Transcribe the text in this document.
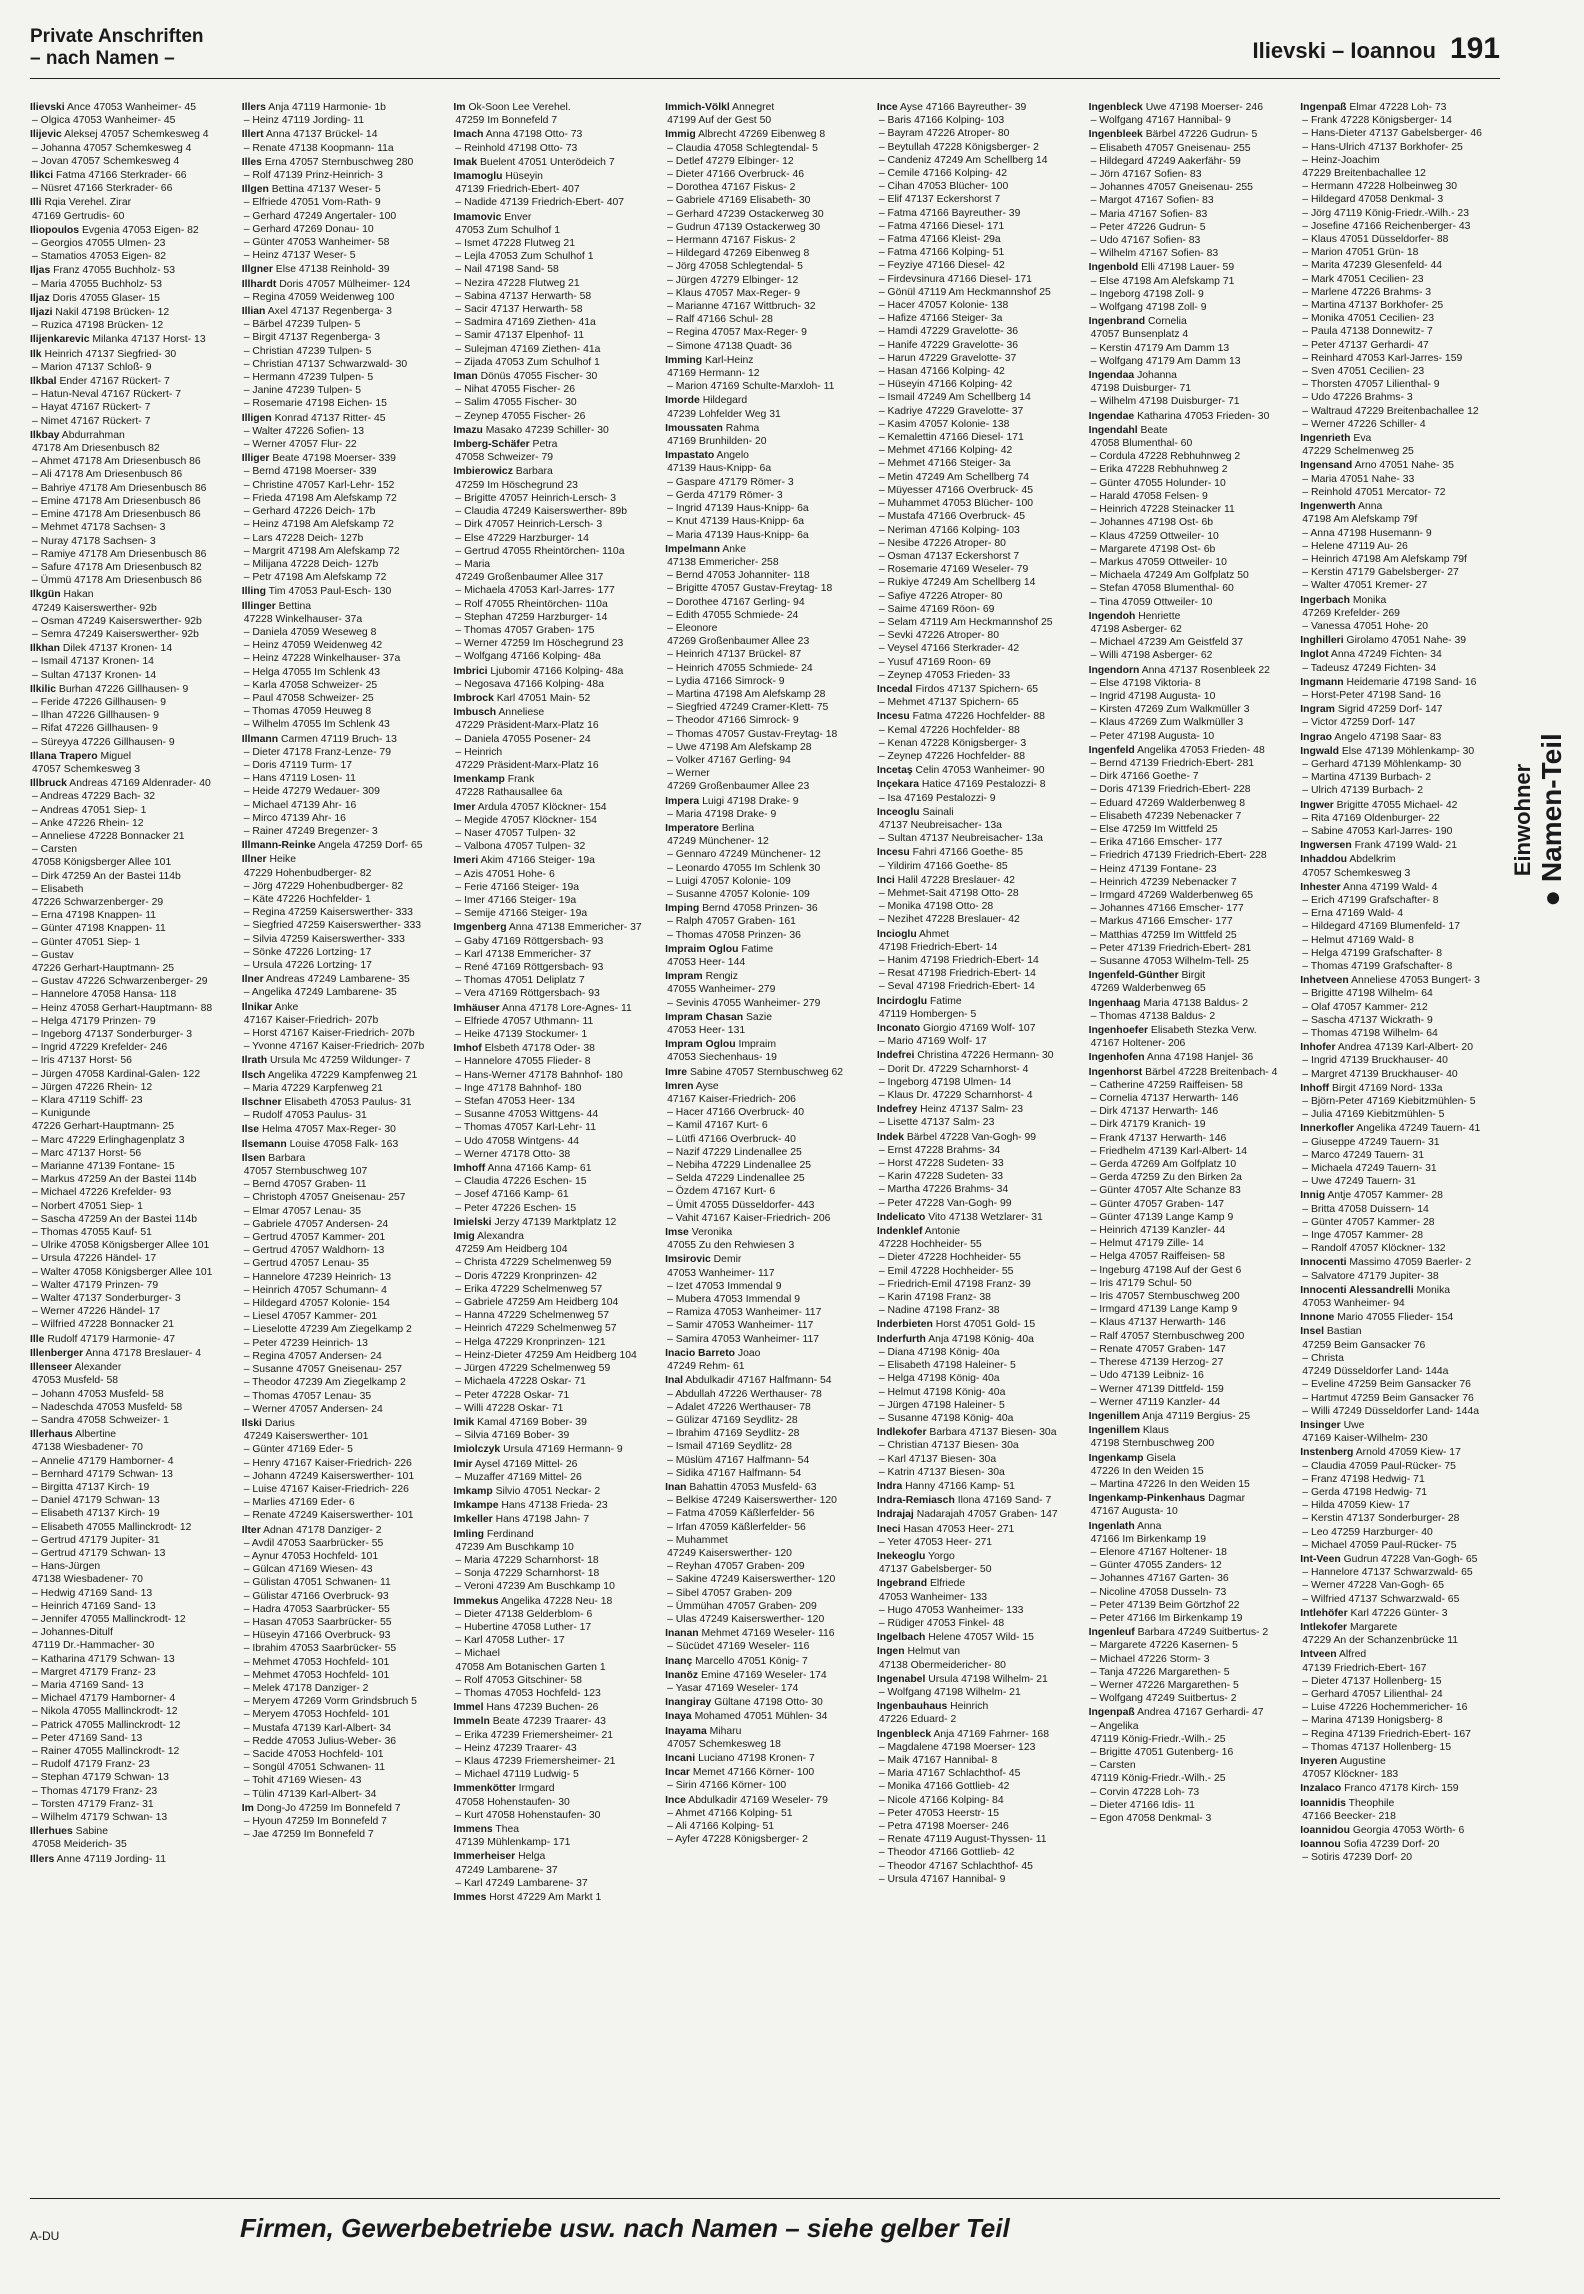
Private Anschriften
– nach Namen –	Ilievski – Ioannou 191
Ilievski Ance 47053 Wanheimer- 45
– Olgica 47053 Wanheimer- 45
Ilijevic Aleksej 47057 Schemkesweg 4
– Johanna 47057 Schemkesweg 4
– Jovan 47057 Schemkesweg 4
Ilikci Fatma 47166 Sterkrader- 66
– Nüsret 47166 Sterkrader- 66
Illi Rqia Verehel. Zirar
47169 Gertrudis- 60
Iliopoulos Evgenia 47053 Eigen- 82
– Georgios 47055 Ulmen- 23
– Stamatios 47053 Eigen- 82
Iljas Franz 47055 Buchholz- 53
– Maria 47055 Buchholz- 53
Iljaz Doris 47055 Glaser- 15
Iljazi Nakil 47198 Brücken- 12
– Ruzica 47198 Brücken- 12
Ilijenkarevic Milanka 47137 Horst- 13
Ilk Heinrich 47137 Siegfried- 30
– Marion 47137 Schloß- 9
Ilkbal Ender 47167 Rückert- 7
– Hatun-Neval 47167 Rückert- 7
– Hayat 47167 Rückert- 7
– Nimet 47167 Rückert- 7
Ilkbay Abdurrahman
47178 Am Driesenbusch 82
– Ahmet 47178 Am Driesenbusch 86
– Ali 47178 Am Driesenbusch 86
– Bahriye 47178 Am Driesenbusch 86
– Emine 47178 Am Driesenbusch 86
– Emine 47178 Am Driesenbusch 86
– Mehmet 47178 Sachsen- 3
– Nuray 47178 Sachsen- 3
– Ramiye 47178 Am Driesenbusch 86
– Safure 47178 Am Driesenbusch 82
– Ümmü 47178 Am Driesenbusch 86
Ilkgün Hakan
47249 Kaiserswerther- 92b
– Osman 47249 Kaiserswerther- 92b
– Semra 47249 Kaiserswerther- 92b
Ilkhan Dilek 47137 Kronen- 14
– Ismail 47137 Kronen- 14
– Sultan 47137 Kronen- 14
Ilkilic Burhan 47226 Gillhausen- 9
– Feride 47226 Gillhausen- 9
– Ilhan 47226 Gillhausen- 9
– Rifat 47226 Gillhausen- 9
– Süreyya 47226 Gillhausen- 9
Illana Trapero Miguel
47057 Schemkesweg 3
Illbruck Andreas 47169 Aldenrader- 40
– Andreas 47229 Bach- 32
– Andreas 47051 Siep- 1
– Anke 47226 Rhein- 12
– Anneliese 47228 Bonnacker 21
– Carsten
47058 Königsberger Allee 101
– Dirk 47259 An der Bastei 114b
– Elisabeth
47226 Schwarzenberger- 29
– Erna 47198 Knappen- 11
– Günter 47198 Knappen- 11
– Günter 47051 Siep- 1
– Gustav
47226 Gerhart-Hauptmann- 25
– Gustav 47226 Schwarzenberger- 29
– Hannelore 47058 Hansa- 118
– Heinz 47058 Gerhart-Hauptmann- 88
– Helga 47179 Prinzen- 79
– Ingeborg 47137 Sonderburger- 3
– Ingrid 47229 Krefelder- 246
– Iris 47137 Horst- 56
– Jürgen 47058 Kardinal-Galen- 122
– Jürgen 47226 Rhein- 12
– Klara 47119 Schiff- 23
– Kunigunde
47226 Gerhart-Hauptmann- 25
– Marc 47229 Erlinghagenplatz 3
– Marc 47137 Horst- 56
– Marianne 47139 Fontane- 15
– Markus 47259 An der Bastei 114b
– Michael 47226 Krefelder- 93
– Norbert 47051 Siep- 1
– Sascha 47259 An der Bastei 114b
– Thomas 47055 Kauf- 51
– Ulrike 47058 Königsberger Allee 101
– Ursula 47226 Händel- 17
– Walter 47058 Königsberger Allee 101
– Walter 47179 Prinzen- 79
– Walter 47137 Sonderburger- 3
– Werner 47226 Händel- 17
– Wilfried 47228 Bonnacker 21
Ille Rudolf 47179 Harmonie- 47
Illenberger Anna 47178 Breslauer- 4
Illenseer Alexander
47053 Musfeld- 58
– Johann 47053 Musfeld- 58
– Nadeschda 47053 Musfeld- 58
– Sandra 47058 Schweizer- 1
Illerhaus Albertine
47138 Wiesbadener- 70
– Annelie 47179 Hamborner- 4
– Bernhard 47179 Schwan- 13
– Birgitta 47137 Kirch- 19
– Daniel 47179 Schwan- 13
– Elisabeth 47137 Kirch- 19
– Elisabeth 47055 Mallinckrodt- 12
– Gertrud 47179 Jupiter- 31
– Gertrud 47179 Schwan- 13
– Hans-Jürgen
47138 Wiesbadener- 70
– Hedwig 47169 Sand- 13
– Heinrich 47169 Sand- 13
– Jennifer 47055 Mallinckrodt- 12
– Johannes-Ditulf
47119 Dr.-Hammacher- 30
– Katharina 47179 Schwan- 13
– Margret 47179 Franz- 23
– Maria 47169 Sand- 13
– Michael 47179 Hamborner- 4
– Nikola 47055 Mallinckrodt- 12
– Patrick 47055 Mallinckrodt- 12
– Peter 47169 Sand- 13
– Rainer 47055 Mallinckrodt- 12
– Rudolf 47179 Franz- 23
– Stephan 47179 Schwan- 13
– Thomas 47179 Franz- 23
– Torsten 47179 Franz- 31
– Wilhelm 47179 Schwan- 13
Illerhues Sabine
47058 Meiderich- 35
Illers Anne 47119 Jording- 11
Illers Anja 47119 Harmonie- 1b
– Heinz 47119 Jording- 11
Illert Anna 47137 Brückel- 14
– Renate 47138 Koopmann- 11a
Illes Erna 47057 Sternbuschweg 280
– Rolf 47139 Prinz-Heinrich- 3
Illgen Bettina 47137 Weser- 5
– Elfriede 47051 Vom-Rath- 9
– Gerhard 47249 Angertaler- 100
– Gerhard 47269 Donau- 10
– Günter 47053 Wanheimer- 58
– Heinz 47137 Weser- 5
Illgner Else 47138 Reinhold- 39
Illhardt Doris 47057 Mülheimer- 124
– Regina 47059 Weidenweg 100
Illian Axel 47137 Regenberga- 3
– Bärbel 47239 Tulpen- 5
– Birgit 47137 Regenberga- 3
– Christian 47239 Tulpen- 5
– Christian 47137 Schwarzwald- 30
– Hermann 47239 Tulpen- 5
– Janine 47239 Tulpen- 5
– Rosemarie 47198 Eichen- 15
Illigen Konrad 47137 Ritter- 45
– Walter 47226 Sofien- 13
– Werner 47057 Flur- 22
Illiger Beate 47198 Moerser- 339
– Bernd 47198 Moerser- 339
– Christine 47057 Karl-Lehr- 152
– Frieda 47198 Am Alefskamp 72
– Gerhard 47226 Deich- 17b
– Heinz 47198 Am Alefskamp 72
– Lars 47228 Deich- 127b
– Margrit 47198 Am Alefskamp 72
– Milijana 47228 Deich- 127b
– Petr 47198 Am Alefskamp 72
Illing Tim 47053 Paul-Esch- 130
Illinger Bettina
47228 Winkelhauser- 37a
– Daniela 47059 Weseweg 8
– Heinz 47059 Weidenweg 42
– Heinz 47228 Winkelhauser- 37a
– Helga 47055 Im Schlenk 43
– Karla 47058 Schweizer- 25
– Paul 47058 Schweizer- 25
– Thomas 47059 Heuweg 8
– Wilhelm 47055 Im Schlenk 43
Illmann Carmen 47119 Bruch- 13
– Dieter 47178 Franz-Lenze- 79
– Doris 47119 Turm- 17
– Hans 47119 Losen- 11
– Heide 47279 Wedauer- 309
– Michael 47139 Ahr- 16
– Mirco 47139 Ahr- 16
– Rainer 47249 Bregenzer- 3
Illmann-Reinke Angela 47259 Dorf- 65
Illner Heike
47229 Hohenbudberger- 82
– Jörg 47229 Hohenbudberger- 82
– Käte 47226 Hochfelder- 1
– Regina 47259 Kaiserswerther- 333
– Siegfried 47259 Kaiserswerther- 333
– Silvia 47259 Kaiserswerther- 333
– Sönke 47226 Lortzing- 17
– Ursula 47226 Lortzing- 17
Ilner Andreas 47249 Lambarene- 35
– Angelika 47249 Lambarene- 35
Ilnikar Anke
47167 Kaiser-Friedrich- 207b
– Horst 47167 Kaiser-Friedrich- 207b
– Yvonne 47167 Kaiser-Friedrich- 207b
Ilrath Ursula Mc 47259 Wildunger- 7
Ilsch Angelika 47229 Kampfenweg 21
– Maria 47229 Karpfenweg 21
Ilschner Elisabeth 47053 Paulus- 31
– Rudolf 47053 Paulus- 31
Ilse Helma 47057 Max-Reger- 30
Ilsemann Louise 47058 Falk- 163
Ilsen Barbara
47057 Sternbuschweg 107
– Bernd 47057 Graben- 11
– Christoph 47057 Gneisenau- 257
– Elmar 47057 Lenau- 35
– Gabriele 47057 Andersen- 24
– Gertrud 47057 Kammer- 201
– Gertrud 47057 Waldhorn- 13
– Gertrud 47057 Lenau- 35
– Hannelore 47239 Heinrich- 13
– Heinrich 47057 Schumann- 4
– Hildegard 47057 Kolonie- 154
– Liesel 47057 Kammer- 201
– Lieselotte 47239 Am Ziegelkamp 2
– Peter 47239 Heinrich- 13
– Regina 47057 Andersen- 24
– Susanne 47057 Gneisenau- 257
– Theodor 47239 Am Ziegelkamp 2
– Thomas 47057 Lenau- 35
– Werner 47057 Andersen- 24
Ilski Darius
47249 Kaiserswerther- 101
– Günter 47169 Eder- 5
– Henry 47167 Kaiser-Friedrich- 226
– Johann 47249 Kaiserswerther- 101
– Luise 47167 Kaiser-Friedrich- 226
– Marlies 47169 Eder- 6
– Renate 47249 Kaiserswerther- 101
Ilter Adnan 47178 Danziger- 2
– Avdil 47053 Saarbrücker- 55
– Aynur 47053 Hochfeld- 101
– Gülcan 47169 Wiesen- 43
– Gülistan 47051 Schwanen- 11
– Gülistar 47166 Overbruck- 93
– Hadra 47053 Saarbrücker- 55
– Hasan 47053 Saarbrücker- 55
– Hüseyin 47166 Overbruck- 93
– Ibrahim 47053 Saarbrücker- 55
– Mehmet 47053 Hochfeld- 101
– Mehmet 47053 Hochfeld- 101
– Melek 47178 Danziger- 2
– Meryem 47269 Vorm Grindsbruch 5
– Meryem 47053 Hochfeld- 101
– Mustafa 47139 Karl-Albert- 34
– Redde 47053 Julius-Weber- 36
– Sacide 47053 Hochfeld- 101
– Songül 47051 Schwanen- 11
– Tohit 47169 Wiesen- 43
– Tülin 47139 Karl-Albert- 34
Im Dong-Jo 47259 Im Bonnefeld 7
– Hyoun 47259 Im Bonnefeld 7
– Jae 47259 Im Bonnefeld 7
Im Ok-Soon Lee Verehel.
47259 Im Bonnefeld 7
Imach Anna 47198 Otto- 73
– Reinhold 47198 Otto- 73
Imak Buelent 47051 Unterödeich 7
Imamoglu Hüseyin
47139 Friedrich-Ebert- 407
– Nadide 47139 Friedrich-Ebert- 407
Imamovic Enver
47053 Zum Schulhof 1
– Ismet 47228 Flutweg 21
– Lejla 47053 Zum Schulhof 1
– Nail 47198 Sand- 58
– Nezira 47228 Flutweg 21
– Sabina 47137 Herwarth- 58
– Sacir 47137 Herwarth- 58
– Sadmira 47169 Ziethen- 41a
– Samir 47137 Elpenhof- 11
– Sulejman 47169 Ziethen- 41a
– Zijada 47053 Zum Schulhof 1
Iman Dönüs 47055 Fischer- 30
– Nihat 47055 Fischer- 26
– Salim 47055 Fischer- 30
– Zeynep 47055 Fischer- 26
Imazu Masako 47239 Schiller- 30
Imberg-Schäfer Petra
47058 Schweizer- 79
Imbierowicz Barbara
47259 Im Höschegrund 23
– Brigitte 47057 Heinrich-Lersch- 3
– Claudia 47249 Kaiserswerther- 89b
– Dirk 47057 Heinrich-Lersch- 3
– Else 47229 Harzburger- 14
– Gertrud 47055 Rheintörchen- 110a
– Maria
47249 Großenbaumer Allee 317
– Michaela 47053 Karl-Jarres- 177
– Rolf 47055 Rheintörchen- 110a
– Stephan 47259 Harzburger- 14
– Thomas 47057 Graben- 175
– Werner 47259 Im Höschegrund 23
– Wolfgang 47166 Kolping- 48a
Imbrici Ljubomir 47166 Kolping- 48a
– Negosava 47166 Kolping- 48a
Imbrock Karl 47051 Main- 52
Imbusch Anneliese
47229 Präsident-Marx-Platz 16
– Daniela 47055 Posener- 24
– Heinrich
47229 Präsident-Marx-Platz 16
Imenkamp Frank
47228 Rathausallee 6a
Imer Ardula 47057 Klöckner- 154
– Megide 47057 Klöckner- 154
– Naser 47057 Tulpen- 32
– Valbona 47057 Tulpen- 32
Imeri Akim 47166 Steiger- 19a
– Azis 47051 Hohe- 6
– Ferie 47166 Steiger- 19a
– Imer 47166 Steiger- 19a
– Semije 47166 Steiger- 19a
Imgenberg Anna 47138 Emmericher- 37
– Gaby 47169 Röttgersbach- 93
– Karl 47138 Emmericher- 37
– René 47169 Röttgersbach- 93
– Thomas 47051 Deliplatz 7
– Vera 47169 Röttgersbach- 93
Imhäuser Anna 47178 Lore-Agnes- 11
– Elfriede 47057 Uthmann- 11
– Heike 47139 Stockumer- 1
Imhof Elsbeth 47178 Oder- 38
– Hannelore 47055 Flieder- 8
– Hans-Werner 47178 Bahnhof- 180
– Inge 47178 Bahnhof- 180
– Stefan 47053 Heer- 134
– Susanne 47053 Wittgens- 44
– Thomas 47057 Karl-Lehr- 11
– Udo 47058 Wintgens- 44
– Werner 47178 Otto- 38
Imhoff Anna 47166 Kamp- 61
– Claudia 47226 Eschen- 15
– Josef 47166 Kamp- 61
– Peter 47226 Eschen- 15
Imielski Jerzy 47139 Marktplatz 12
Imig Alexandra
47259 Am Heidberg 104
– Christa 47229 Schelmenweg 59
– Doris 47229 Kronprinzen- 42
– Erika 47229 Schelmenweg 57
– Gabriele 47259 Am Heidberg 104
– Hanna 47229 Schelmenweg 57
– Heinrich 47229 Schelmenweg 57
– Helga 47229 Kronprinzen- 121
– Heinz-Dieter 47259 Am Heidberg 104
– Jürgen 47229 Schelmenweg 59
– Michaela 47228 Oskar- 71
– Peter 47228 Oskar- 71
– Willi 47228 Oskar- 71
Imik Kamal 47169 Bober- 39
– Silvia 47169 Bober- 39
Imiolczyk Ursula 47169 Hermann- 9
Imir Aysel 47169 Mittel- 26
– Muzaffer 47169 Mittel- 26
Imkamp Silvio 47051 Neckar- 2
Imkampe Hans 47138 Frieda- 23
Imkeller Hans 47198 Jahn- 7
Imling Ferdinand
47239 Am Buschkamp 10
– Maria 47229 Scharnhorst- 18
– Sonja 47229 Scharnhorst- 18
– Veroni 47239 Am Buschkamp 10
Immekus Angelika 47228 Neu- 18
– Dieter 47138 Gelderblom- 6
– Hubertine 47058 Luther- 17
– Karl 47058 Luther- 17
– Michael
47058 Am Botanischen Garten 1
– Rolf 47053 Gitschiner- 58
– Thomas 47053 Hochfeld- 123
Immel Hans 47239 Buchen- 26
Immeln Beate 47239 Traarer- 43
– Erika 47239 Friemersheimer- 21
– Heinz 47239 Traarer- 43
– Klaus 47239 Friemersheimer- 21
– Michael 47119 Ludwig- 5
Immenkötter Irmgard
47058 Hohenstaufen- 30
– Kurt 47058 Hohenstaufen- 30
Immens Thea
47139 Mühlenkamp- 171
Immerheiser Helga
47249 Lambarene- 37
– Karl 47249 Lambarene- 37
Immes Horst 47229 Am Markt 1
Immich-Völkl Annegret
47199 Auf der Gest 50
Immig Albrecht 47269 Eibenweg 8
– Claudia 47058 Schlegtendal- 5
– Detlef 47279 Elbinger- 12
– Dieter 47166 Overbruck- 46
– Dorothea 47167 Fiskus- 2
– Gabriele 47169 Elisabeth- 30
– Gerhard 47239 Ostackerweg 30
– Gudrun 47139 Ostackerweg 30
– Hermann 47167 Fiskus- 2
– Hildegard 47269 Eibenweg 8
– Jörg 47058 Schlegtendal- 5
– Jürgen 47279 Elbinger- 12
– Klaus 47057 Max-Reger- 9
– Marianne 47167 Wittbruch- 32
– Ralf 47166 Schul- 28
– Regina 47057 Max-Reger- 9
– Simone 47138 Quadt- 36
Imming Karl-Heinz
47169 Hermann- 12
– Marion 47169 Schulte-Marxloh- 11
Imorde Hildegard
47239 Lohfelder Weg 31
Imoussaten Rahma
47169 Brunhilden- 20
Impastato Angelo
47139 Haus-Knipp- 6a
– Gaspare 47179 Römer- 3
– Gerda 47179 Römer- 3
– Ingrid 47139 Haus-Knipp- 6a
– Knut 47139 Haus-Knipp- 6a
– Maria 47139 Haus-Knipp- 6a
Impelmann Anke
47138 Emmericher- 258
– Bernd 47053 Johanniter- 118
– Brigitte 47057 Gustav-Freytag- 18
– Dorothee 47167 Gerling- 94
– Edith 47055 Schmiede- 24
– Eleonore
47269 Großenbaumer Allee 23
– Heinrich 47137 Brückel- 87
– Heinrich 47055 Schmiede- 24
– Lydia 47166 Simrock- 9
– Martina 47198 Am Alefskamp 28
– Siegfried 47249 Cramer-Klett- 75
– Theodor 47166 Simrock- 9
– Thomas 47057 Gustav-Freytag- 18
– Uwe 47198 Am Alefskamp 28
– Volker 47167 Gerling- 94
– Werner
47269 Großenbaumer Allee 23
Impera Luigi 47198 Drake- 9
– Maria 47198 Drake- 9
Imperatore Berlina
47249 Münchener- 12
– Gennaro 47249 Münchener- 12
– Leonardo 47055 Im Schlenk 30
– Luigi 47057 Kolonie- 109
– Susanne 47057 Kolonie- 109
Imping Bernd 47058 Prinzen- 36
– Ralph 47057 Graben- 161
– Thomas 47058 Prinzen- 36
Impraim Oglou Fatime
47053 Heer- 144
Impram Rengiz
47055 Wanheimer- 279
– Sevinis 47055 Wanheimer- 279
Impram Chasan Sazie
47053 Heer- 131
Impram Oglou Impraim
47053 Siechenhaus- 19
Imre Sabine 47057 Sternbuschweg 62
Imren Ayse
47167 Kaiser-Friedrich- 206
– Hacer 47166 Overbruck- 40
– Kamil 47167 Kurt- 6
– Lütfi 47166 Overbruck- 40
– Nazif 47229 Lindenallee 25
– Nebiha 47229 Lindenallee 25
– Selda 47229 Lindenallee 25
– Özdem 47167 Kurt- 6
– Ümit 47055 Düsseldorfer- 443
– Vahit 47167 Kaiser-Friedrich- 206
Imse Veronika
47055 Zu den Rehwiesen 3
Imsirovic Demir
47053 Wanheimer- 117
– Izet 47053 Immendal 9
– Mubera 47053 Immendal 9
– Ramiza 47053 Wanheimer- 117
– Samir 47053 Wanheimer- 117
– Samira 47053 Wanheimer- 117
Inacio Barreto Joao
47249 Rehm- 61
Inal Abdulkadir 47167 Halfmann- 54
– Abdullah 47226 Werthauser- 78
– Adalet 47226 Werthauser- 78
– Gülizar 47169 Seydlitz- 28
– Ibrahim 47169 Seydlitz- 28
– Ismail 47169 Seydlitz- 28
– Müslüm 47167 Halfmann- 54
– Sidika 47167 Halfmann- 54
Inan Bahattin 47053 Musfeld- 63
– Belkise 47249 Kaiserswerther- 120
– Fatma 47059 Käßlerfelder- 56
– Irfan 47059 Käßlerfelder- 56
– Muhammet
47249 Kaiserswerther- 120
– Reyhan 47057 Graben- 209
– Sakine 47249 Kaiserswerther- 120
– Sibel 47057 Graben- 209
– Ümmühan 47057 Graben- 209
– Ulas 47249 Kaiserswerther- 120
Inanan Mehmet 47169 Weseler- 116
– Sücüdet 47169 Weseler- 116
Inanç Marcello 47051 König- 7
Inanöz Emine 47169 Weseler- 174
– Yasar 47169 Weseler- 174
Inangiray Gültane 47198 Otto- 30
Inaya Mohamed 47051 Mühlen- 34
Inayama Miharu
47057 Schemkesweg 18
Incani Luciano 47198 Kronen- 7
Incar Memet 47166 Körner- 100
– Sirin 47166 Körner- 100
Ince Abdulkadir 47169 Weseler- 79
– Ahmet 47166 Kolping- 51
– Ali 47166 Kolping- 51
– Ayfer 47228 Königsberger- 2
Ince Ayse 47166 Bayreuther- 39
– Baris 47166 Kolping- 103
– Bayram 47226 Atroper- 80
– Beytullah 47228 Königsberger- 2
– Candeniz 47249 Am Schellberg 14
– Cemile 47166 Kolping- 42
– Cihan 47053 Blücher- 100
– Elif 47137 Eckershorst 7
– Fatma 47166 Bayreuther- 39
– Fatma 47166 Diesel- 171
– Fatma 47166 Kleist- 29a
– Fatma 47166 Kolping- 51
– Feyziye 47166 Diesel- 42
– Firdevsinura 47166 Diesel- 171
– Gönül 47119 Am Heckmannshof 25
– Hacer 47057 Kolonie- 138
– Hafize 47166 Steiger- 3a
– Hamdi 47229 Gravelotte- 36
– Hanife 47229 Gravelotte- 36
– Harun 47229 Gravelotte- 37
– Hasan 47166 Kolping- 42
– Hüseyin 47166 Kolping- 42
– Ismail 47249 Am Schellberg 14
– Kadriye 47229 Gravelotte- 37
– Kasim 47057 Kolonie- 138
– Kemalettin 47166 Diesel- 171
– Mehmet 47166 Kolping- 42
– Mehmet 47166 Steiger- 3a
– Metin 47249 Am Schellberg 74
– Müyesser 47166 Overbruck- 45
– Muhammet 47053 Blücher- 100
– Mustafa 47166 Overbruck- 45
– Neriman 47166 Kolping- 103
– Nesibe 47226 Atroper- 80
– Osman 47137 Eckershorst 7
– Rosemarie 47169 Weseler- 79
– Rukiye 47249 Am Schellberg 14
– Safiye 47226 Atroper- 80
– Saime 47169 Röon- 69
– Selam 47119 Am Heckmannshof 25
– Sevki 47226 Atroper- 80
– Veysel 47166 Sterkrader- 42
– Yusuf 47169 Roon- 69
– Zeynep 47053 Frieden- 33
Incedal Firdos 47137 Spichern- 65
– Mehmet 47137 Spichern- 65
Incesu Fatma 47226 Hochfelder- 88
– Kemal 47226 Hochfelder- 88
– Kenan 47228 Königsberger- 3
– Zeynep 47226 Hochfelder- 88
Incetaş Celin 47053 Wanheimer- 90
Inçekara Hatice 47169 Pestalozzi- 8
– Isa 47169 Pestalozzi- 9
Inceoglu Sainali
47137 Neubreisacher- 13a
– Sultan 47137 Neubreisacher- 13a
Incesu Fahri 47166 Goethe- 85
– Yildirim 47166 Goethe- 85
Inci Halil 47228 Breslauer- 42
– Mehmet-Sait 47198 Otto- 28
– Monika 47198 Otto- 28
– Nezihet 47228 Breslauer- 42
Incioglu Ahmet
47198 Friedrich-Ebert- 14
– Hanim 47198 Friedrich-Ebert- 14
– Resat 47198 Friedrich-Ebert- 14
– Seval 47198 Friedrich-Ebert- 14
Incirdoglu Fatime
47119 Hombergen- 5
Inconato Giorgio 47169 Wolf- 107
– Mario 47169 Wolf- 17
Indefrei Christina 47226 Hermann- 30
– Dorit Dr. 47229 Scharnhorst- 4
– Ingeborg 47198 Ulmen- 14
– Klaus Dr. 47229 Scharnhorst- 4
Indefrey Heinz 47137 Salm- 23
– Lisette 47137 Salm- 23
Indek Bärbel 47228 Van-Gogh- 99
– Ernst 47228 Brahms- 34
– Horst 47228 Sudeten- 33
– Karin 47228 Sudeten- 33
– Martha 47226 Brahms- 34
– Peter 47228 Van-Gogh- 99
Indelicato Vito 47138 Wetzlarer- 31
Indenklef Antonie
47228 Hochheider- 55
– Dieter 47228 Hochheider- 55
– Emil 47228 Hochheider- 55
– Friedrich-Emil 47198 Franz- 39
– Karin 47198 Franz- 38
– Nadine 47198 Franz- 38
Inderbieten Horst 47051 Gold- 15
Inderfurth Anja 47198 König- 40a
– Diana 47198 König- 40a
– Elisabeth 47198 Haleiner- 5
– Helga 47198 König- 40a
– Helmut 47198 König- 40a
– Jürgen 47198 Haleiner- 5
– Susanne 47198 König- 40a
Indlekofer Barbara 47137 Biesen- 30a
– Christian 47137 Biesen- 30a
– Karl 47137 Biesen- 30a
– Katrin 47137 Biesen- 30a
Indra Hanny 47166 Kamp- 51
Indra-Remiasch Ilona 47169 Sand- 7
Indrajaj Nadarajah 47057 Graben- 147
Ineci Hasan 47053 Heer- 271
– Yeter 47053 Heer- 271
Inekeoglu Yorgo
47137 Gabelsberger- 50
Ingebrand Elfriede
47053 Wanheimer- 133
– Hugo 47053 Wanheimer- 133
– Rüdiger 47053 Finkel- 48
Ingelbach Helene 47057 Wild- 15
Ingen Helmut van
47138 Obermeidericher- 80
Ingenabel Ursula 47198 Wilhelm- 21
– Wolfgang 47198 Wilhelm- 21
Ingenbauhaus Heinrich
47226 Eduard- 2
Ingenbleck Anja 47169 Fahrner- 168
– Magdalene 47198 Moerser- 123
– Maik 47167 Hannibal- 8
– Maria 47167 Schlachthof- 45
– Monika 47166 Gottlieb- 42
– Nicole 47166 Kolping- 84
– Peter 47053 Heerstr- 15
– Petra 47198 Moerser- 246
– Renate 47119 August-Thyssen- 11
– Theodor 47166 Gottlieb- 42
– Theodor 47167 Schlachthof- 45
– Ursula 47167 Hannibal- 9
Ingenbleck Uwe 47198 Moerser- 246
– Wolfgang 47167 Hannibal- 9
Ingenbleek Bärbel 47226 Gudrun- 5
– Elisabeth 47057 Gneisenau- 255
– Hildegard 47249 Aakerfähr- 59
– Jörn 47167 Sofien- 83
– Johannes 47057 Gneisenau- 255
– Margot 47167 Sofien- 83
– Maria 47167 Sofien- 83
– Peter 47226 Gudrun- 5
– Udo 47167 Sofien- 83
– Wilhelm 47167 Sofien- 83
Ingenbold Elli 47198 Lauer- 59
– Else 47198 Am Alefskamp 71
– Ingeborg 47198 Zoll- 9
– Wolfgang 47198 Zoll- 9
Ingenbrand Cornelia
47057 Bunsenplatz 4
– Kerstin 47179 Am Damm 13
– Wolfgang 47179 Am Damm 13
Ingendaa Johanna
47198 Duisburger- 71
– Wilhelm 47198 Duisburger- 71
Ingendae Katharina 47053 Frieden- 30
Ingendahl Beate
47058 Blumenthal- 60
– Cordula 47228 Rebhuhnweg 2
– Erika 47228 Rebhuhnweg 2
– Günter 47055 Holunder- 10
– Harald 47058 Felsen- 9
– Heinrich 47228 Steinacker 11
– Johannes 47198 Ost- 6b
– Klaus 47259 Ottweiler- 10
– Margarete 47198 Ost- 6b
– Markus 47059 Ottweiler- 10
– Michaela 47249 Am Golfplatz 50
– Stefan 47058 Blumenthal- 60
– Tina 47059 Ottweiler- 10
Ingendoh Henriette
47198 Asberger- 62
– Michael 47239 Am Geistfeld 37
– Willi 47198 Asberger- 62
Ingendorn Anna 47137 Rosenbleek 22
– Else 47198 Viktoria- 8
– Ingrid 47198 Augusta- 10
– Kirsten 47269 Zum Walkmüller 3
– Klaus 47269 Zum Walkmüller 3
– Peter 47198 Augusta- 10
Ingenfeld Angelika 47053 Frieden- 48
– Bernd 47139 Friedrich-Ebert- 281
– Dirk 47166 Goethe- 7
– Doris 47139 Friedrich-Ebert- 228
– Eduard 47269 Walderbenweg 8
– Elisabeth 47239 Nebenacker 7
– Else 47259 Im Wittfeld 25
– Erika 47166 Emscher- 177
– Friedrich 47139 Friedrich-Ebert- 228
– Heinz 47139 Fontane- 23
– Heinrich 47239 Nebenacker 7
– Irmgard 47269 Walderbenweg 65
– Johannes 47166 Emscher- 177
– Markus 47166 Emscher- 177
– Matthias 47259 Im Wittfeld 25
– Peter 47139 Friedrich-Ebert- 281
– Susanne 47053 Wilhelm-Tell- 25
Ingenfeld-Günther Birgit
47269 Walderbenweg 65
Ingenhaag Maria 47138 Baldus- 2
– Thomas 47138 Baldus- 2
Ingenhoefer Elisabeth Stezka Verw.
47167 Holtener- 206
Ingenhofen Anna 47198 Hanjel- 36
Ingenhorst Bärbel 47228 Breitenbach- 4
– Catherine 47259 Raiffeisen- 58
– Cornelia 47137 Herwarth- 146
– Dirk 47137 Herwarth- 146
– Dirk 47179 Kranich- 19
– Frank 47137 Herwarth- 146
– Friedhelm 47139 Karl-Albert- 14
– Gerda 47269 Am Golfplatz 10
– Gerda 47259 Zu den Birken 2a
– Günter 47057 Alte Schanze 83
– Günter 47057 Graben- 147
– Günter 47139 Lange Kamp 9
– Heinrich 47139 Kanzler- 44
– Helmut 47179 Zille- 14
– Helga 47057 Raiffeisen- 58
– Ingeburg 47198 Auf der Gest 6
– Iris 47179 Schul- 50
– Iris 47057 Sternbuschweg 200
– Irmgard 47139 Lange Kamp 9
– Klaus 47137 Herwarth- 146
– Ralf 47057 Sternbuschweg 200
– Renate 47057 Graben- 147
– Therese 47139 Herzog- 27
– Udo 47139 Leibniz- 16
– Werner 47139 Dittfeld- 159
– Werner 47119 Kanzler- 44
Ingenillem Anja 47119 Bergius- 25
Ingenillem Klaus
47198 Sternbuschweg 200
Ingenkamp Gisela
47226 In den Weiden 15
– Martina 47226 In den Weiden 15
Ingenkamp-Pinkenhaus Dagmar
47167 Augusta- 10
Ingenlath Anna
47166 Im Birkenkamp 19
– Elenore 47167 Holtener- 18
– Günter 47055 Zanders- 12
– Johannes 47167 Garten- 36
– Nicoline 47058 Dusseln- 73
– Peter 47139 Beim Görtzhof 22
– Peter 47166 Im Birkenkamp 19
Ingenleuf Barbara 47249 Suitbertus- 2
– Margarete 47226 Kasernen- 5
– Michael 47226 Storm- 3
– Tanja 47226 Margarethen- 5
– Werner 47226 Margarethen- 5
– Wolfgang 47249 Suitbertus- 2
Ingenpaß Andrea 47167 Gerhardi- 47
– Angelika
47119 König-Friedr.-Wilh.- 25
– Brigitte 47051 Gutenberg- 16
– Carsten
47119 König-Friedr.-Wilh.- 25
– Corvin 47228 Loh- 73
– Dieter 47166 Idis- 11
– Egon 47058 Denkmal- 3
Ingenpaß Elmar 47228 Loh- 73
– Frank 47228 Königsberger- 14
– Hans-Dieter 47137 Gabelsberger- 46
– Hans-Ulrich 47137 Borkhofer- 25
– Heinz-Joachim
47229 Breitenbachallee 12
– Hermann 47228 Holbeinweg 30
– Hildegard 47058 Denkmal- 3
– Jörg 47119 König-Friedr.-Wilh.- 23
– Josefine 47166 Reichenberger- 43
– Klaus 47051 Düsseldorfer- 88
– Marion 47051 Grün- 18
– Marita 47239 Glesenfeld- 44
– Mark 47051 Cecilien- 23
– Marlene 47226 Brahms- 3
– Martina 47137 Borkhofer- 25
– Monika 47051 Cecilien- 23
– Paula 47138 Donnewitz- 7
– Peter 47137 Gerhardi- 47
– Reinhard 47053 Karl-Jarres- 159
– Sven 47051 Cecilien- 23
– Thorsten 47057 Lilienthal- 9
– Udo 47226 Brahms- 3
– Waltraud 47229 Breitenbachallee 12
– Werner 47226 Schiller- 4
Ingenrieth Eva
47229 Schelmenweg 25
Ingensand Arno 47051 Nahe- 35
– Maria 47051 Nahe- 33
– Reinhold 47051 Mercator- 72
Ingenwerth Anna
47198 Am Alefskamp 79f
– Anna 47198 Husemann- 9
– Helene 47119 Au- 26
– Heinrich 47198 Am Alefskamp 79f
– Kerstin 47179 Gabelsberger- 27
– Walter 47051 Kremer- 27
Ingerbach Monika
47269 Krefelder- 269
– Vanessa 47051 Hohe- 20
Inghilleri Girolamo 47051 Nahe- 39
Inglot Anna 47249 Fichten- 34
– Tadeusz 47249 Fichten- 34
Ingmann Heidemarie 47198 Sand- 16
– Horst-Peter 47198 Sand- 16
Ingram Sigrid 47259 Dorf- 147
– Victor 47259 Dorf- 147
Ingrao Angelo 47198 Saar- 83
Ingwald Else 47139 Möhlenkamp- 30
– Gerhard 47139 Möhlenkamp- 30
– Martina 47139 Burbach- 2
– Ulrich 47139 Burbach- 2
Ingwer Brigitte 47055 Michael- 42
– Rita 47169 Oldenburger- 22
– Sabine 47053 Karl-Jarres- 190
Ingwersen Frank 47199 Wald- 21
Inhaddou Abdelkrim
47057 Schemkesweg 3
Inhester Anna 47199 Wald- 4
– Erich 47199 Grafschafter- 8
– Erna 47169 Wald- 4
– Hildegard 47169 Blumenfeld- 17
– Helmut 47169 Wald- 8
– Helga 47199 Grafschafter- 8
– Thomas 47199 Grafschafter- 8
Inhetveen Anneliese 47053 Bungert- 3
– Brigitte 47198 Wilhelm- 64
– Olaf 47057 Kammer- 212
– Sascha 47137 Wickrath- 9
– Thomas 47198 Wilhelm- 64
Inhofer Andrea 47139 Karl-Albert- 20
– Ingrid 47139 Bruckhauser- 40
– Margret 47139 Bruckhauser- 40
Inhoff Birgit 47169 Nord- 133a
– Björn-Peter 47169 Kiebitzmühlen- 5
– Julia 47169 Kiebitzmühlen- 5
Innerkofler Angelika 47249 Tauern- 41
– Giuseppe 47249 Tauern- 31
– Marco 47249 Tauern- 31
– Michaela 47249 Tauern- 31
– Uwe 47249 Tauern- 31
Innig Antje 47057 Kammer- 28
– Britta 47058 Duissern- 14
– Günter 47057 Kammer- 28
– Inge 47057 Kammer- 28
– Randolf 47057 Klöckner- 132
Innocenti Massimo 47059 Baerler- 2
– Salvatore 47179 Jupiter- 38
Innocenti Alessandrelli Monika
47053 Wanheimer- 94
Innone Mario 47055 Flieder- 154
Insel Bastian
47259 Beim Gansacker 76
– Christa
47249 Düsseldorfer Land- 144a
– Eveline 47259 Beim Gansacker 76
– Hartmut 47259 Beim Gansacker 76
– Willi 47249 Düsseldorfer Land- 144a
Insinger Uwe
47169 Kaiser-Wilhelm- 230
Instenberg Arnold 47059 Kiew- 17
– Claudia 47059 Paul-Rücker- 75
– Franz 47198 Hedwig- 71
– Gerda 47198 Hedwig- 71
– Hilda 47059 Kiew- 17
– Kerstin 47137 Sonderburger- 28
– Leo 47259 Harzburger- 40
– Michael 47059 Paul-Rücker- 75
Int-Veen Gudrun 47228 Van-Gogh- 65
– Hannelore 47137 Schwarzwald- 65
– Werner 47228 Van-Gogh- 65
– Wilfried 47137 Schwarzwald- 65
Intlehöfer Karl 47226 Günter- 3
Intlekofer Margarete
47229 An der Schanzenbrücke 11
Intveen Alfred
47139 Friedrich-Ebert- 167
– Dieter 47137 Hollenberg- 15
– Gerhard 47057 Lilienthal- 24
– Luise 47226 Hochemmericher- 16
– Marina 47139 Honigsberg- 8
– Regina 47139 Friedrich-Ebert- 167
– Thomas 47137 Hollenberg- 15
Inyeren Augustine
47057 Klöckner- 183
Inzalaco Franco 47178 Kirch- 159
Ioannidis Theophile
47166 Beecker- 218
Ioannidou Georgia 47053 Wörth- 6
Ioannou Sofia 47239 Dorf- 20
– Sotiris 47239 Dorf- 20
Einwohner ● Namen-Teil
A-DU	Firmen, Gewerbebetriebe usw. nach Namen – siehe gelber Teil
